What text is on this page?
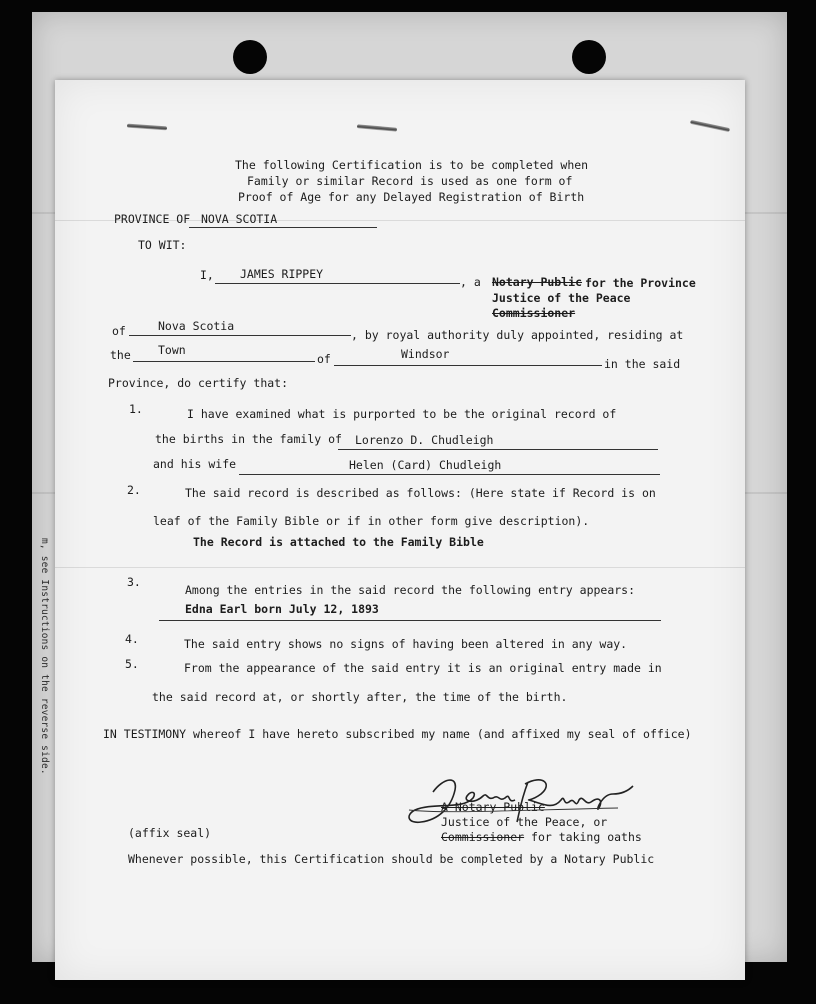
m, see Instructions on the reverse side.
The following Certification is to be completed when
Family or similar Record is used as one form of
Proof of Age for any Delayed Registration of Birth
PROVINCE OF NOVA SCOTIA
TO WIT:
I, JAMES RIPPEY
, a Notary Public for the Province
Justice of the Peace
Commissioner
of	Nova Scotia
, by royal authority duly appointed, residing at
the Town
of	Windsor
in the said
Province, do certify that:
1.	I have examined what is purported to be the original record of
the births in the family of Lorenzo D. Chudleigh
and his wife	Helen (Card) Chudleigh
2.	The said record is described as follows: (Here state if Record is on
leaf of the Family Bible or if in other form give description).
The Record is attached to the Family Bible
3.
Among the entries in the said record the following entry appears:
Edna Earl born July 12, 1893
4.	The said entry shows no signs of having been altered in any way.
5.	From the appearance of the said entry it is an original entry made in
the said record at, or shortly after, the time of the birth.
IN TESTIMONY whereof I have hereto subscribed my name (and affixed my seal of office)
A Notary Public
Justice of the Peace, or
Commissioner for taking oaths
(affix seal)
Whenever possible, this Certification should be completed by a Notary Public
